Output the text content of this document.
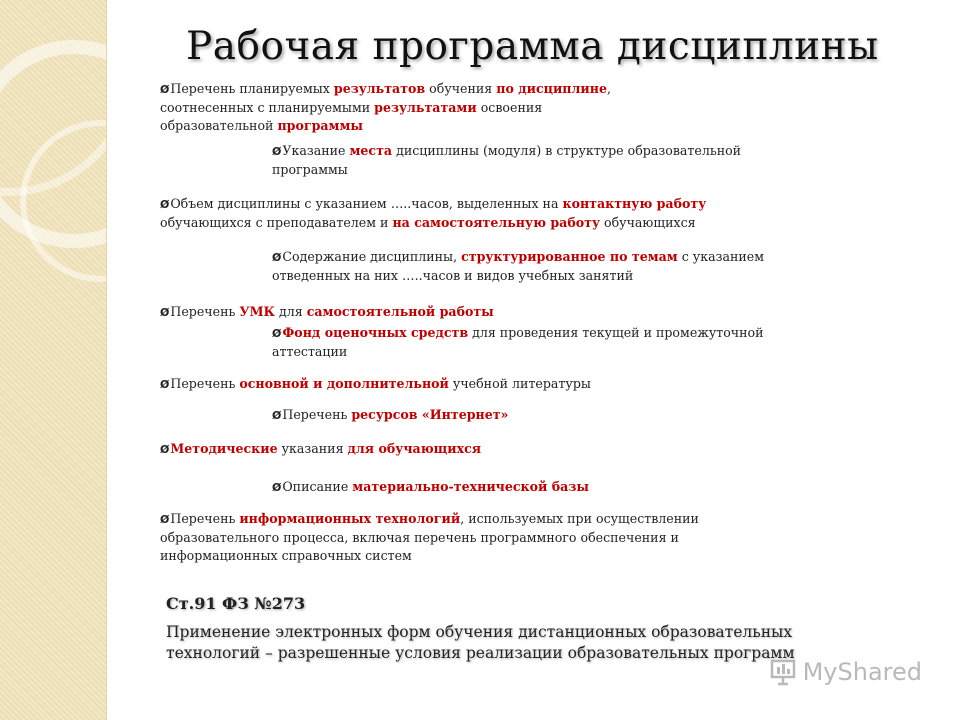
Рабочая программа дисциплины
ØПеречень планируемых результатов обучения по дисциплине,
соотнесенных с планируемыми результатами освоения
образовательной программы
ØУказание места дисциплины (модуля) в структуре образовательной
программы
ØОбъем дисциплины с указанием …..часов, выделенных на контактную работу
обучающихся с преподавателем и на самостоятельную работу обучающихся
ØСодержание дисциплины, структурированное по темам с указанием
отведенных на них …..часов и видов учебных занятий
ØПеречень УМК для самостоятельной работы
ØФонд оценочных средств для проведения текущей и промежуточной
аттестации
ØПеречень основной и дополнительной учебной литературы
ØПеречень ресурсов «Интернет»
ØМетодические указания для обучающихся
ØОписание материально-технической базы
ØПеречень информационных технологий, используемых при осуществлении
образовательного процесса, включая перечень программного обеспечения и
информационных справочных систем
Ст.91 ФЗ №273
Применение электронных форм обучения дистанционных образовательных
технологий – разрешенные условия реализации образовательных программ
MyShared
